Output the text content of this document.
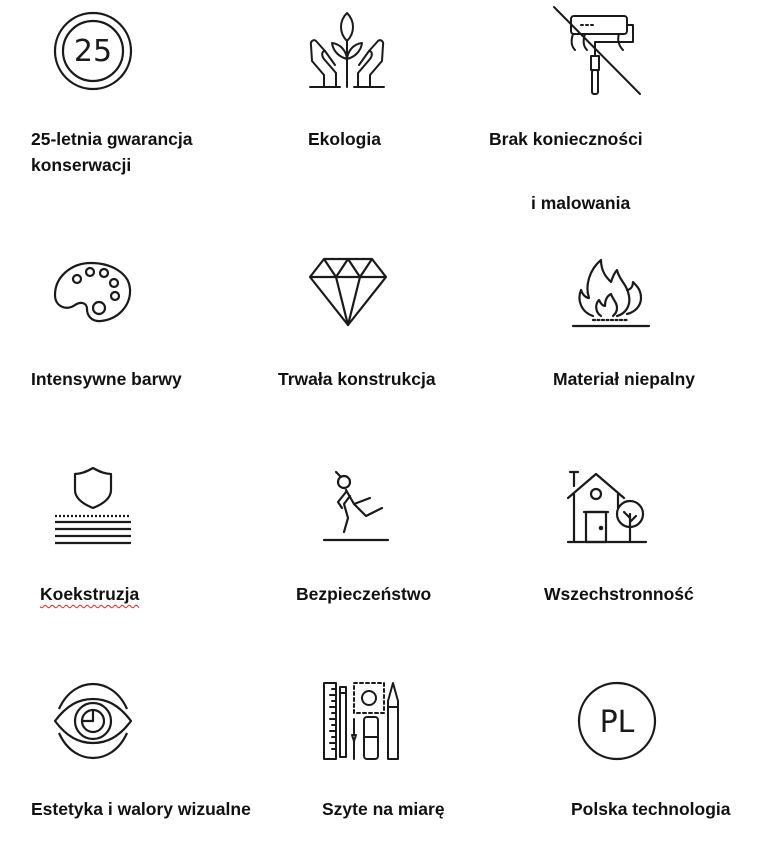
25
25-letnia gwarancja
konserwacji
Ekologia	Brak konieczności
i malowania
Intensywne barwy	Trwała konstrukcja	Materiał niepalny
Koekstruzja	Bezpieczeństwo	Wszechstronność
Estetyka i walory wizualne	Szyte na miarę
PL
Polska technologia
